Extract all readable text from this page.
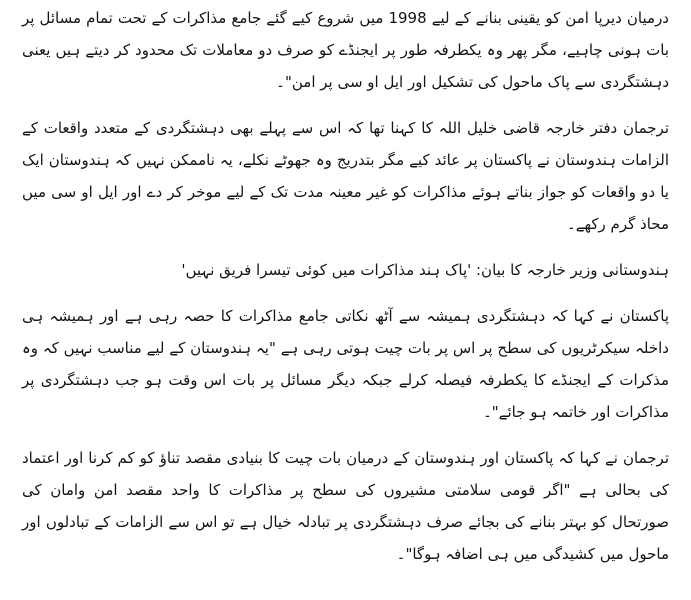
درمیان دیرپا امن کو یقینی بنانے کے لیے 1998 میں شروع کیے گئے جامع مذاکرات کے تحت تمام مسائل پر بات ہونی چاہیے، مگر پھر وہ یکطرفہ طور پر ایجنڈے کو صرف دو معاملات تک محدود کر دیتے ہیں یعنی دہشتگردی سے پاک ماحول کی تشکیل اور ایل او سی پر امن"۔

ترجمان دفتر خارجہ قاضی خلیل اللہ کا کہنا تھا کہ اس سے پہلے بھی دہشتگردی کے متعدد واقعات کے الزامات ہندوستان نے پاکستان پر عائد کیے مگر بتدریج وہ جھوٹے نکلے، یہ ناممکن نہیں کہ ہندوستان ایک یا دو واقعات کو جواز بناتے ہوئے مذاکرات کو غیر معینہ مدت تک کے لیے موخر کر دے اور ایل او سی میں محاذ گرم رکھے۔

ہندوستانی وزیر خارجہ کا بیان: 'پاک ہند مذاکرات میں کوئی تیسرا فریق نہیں'

پاکستان نے کہا کہ دہشتگردی ہمیشہ سے آٹھ نکاتی جامع مذاکرات کا حصہ رہی ہے اور ہمیشہ ہی داخلہ سیکرٹریوں کی سطح پر اس پر بات چیت ہوتی رہی ہے "یہ ہندوستان کے لیے مناسب نہیں کہ وہ مذکرات کے ایجنڈے کا یکطرفہ فیصلہ کرلے جبکہ دیگر مسائل پر بات اس وقت ہو جب دہشتگردی پر مذاکرات اور خاتمہ ہو جائے"۔

ترجمان نے کہا کہ پاکستان اور ہندوستان کے درمیان بات چیت کا بنیادی مقصد تناؤ کو کم کرنا اور اعتماد کی بحالی ہے "اگر قومی سلامتی مشیروں کی سطح پر مذاکرات کا واحد مقصد امن وامان کی صورتحال کو بہتر بنانے کی بجائے صرف دہشتگردی پر تبادلہ خیال ہے تو اس سے الزامات کے تبادلوں اور ماحول میں کشیدگی میں ہی اضافہ ہوگا"۔
